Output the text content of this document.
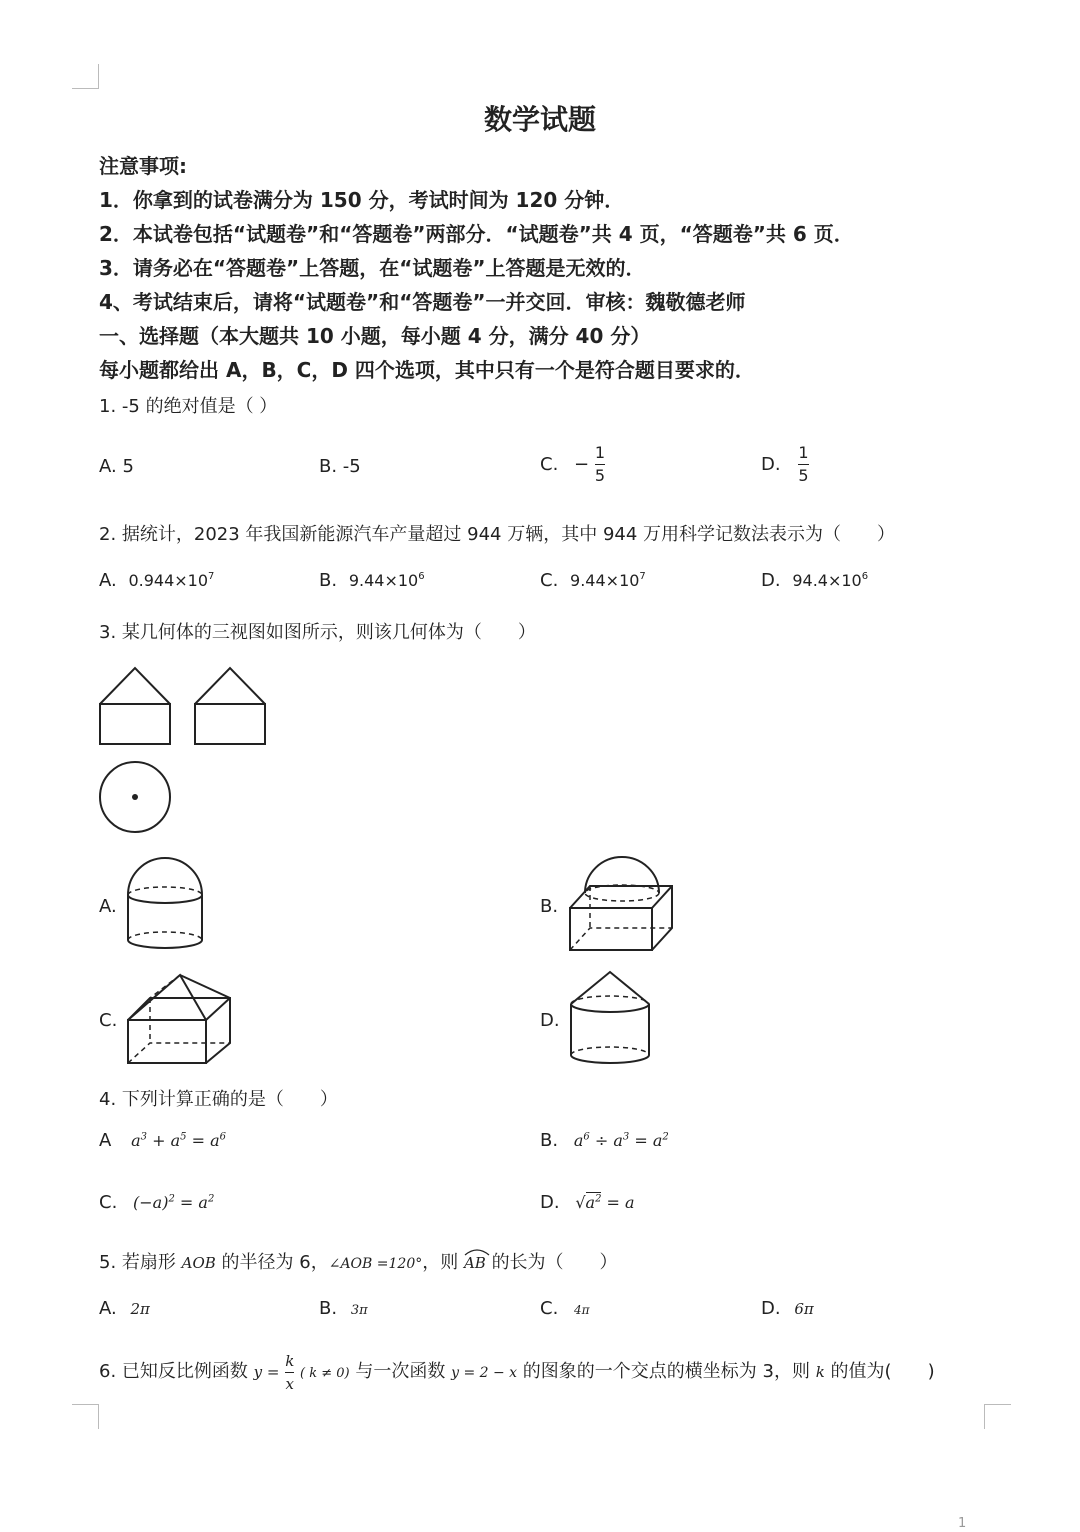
数学试题
注意事项:
1．你拿到的试卷满分为 150 分，考试时间为 120 分钟．
2．本试卷包括“试题卷”和“答题卷”两部分．“试题卷”共 4 页，“答题卷”共 6 页．
3．请务必在“答题卷”上答题，在“试题卷”上答题是无效的．
4、考试结束后，请将“试题卷”和“答题卷”一并交回．审核：魏敬德老师
一、选择题（本大题共 10 小题，每小题 4 分，满分 40 分）
每小题都给出 A，B，C，D 四个选项，其中只有一个是符合题目要求的．
1. -5 的绝对值是（ ）
A. 5	B. -5	C. − $\frac{1}{5}$	D. $\frac{1}{5}$
2. 据统计，2023 年我国新能源汽车产量超过 944 万辆，其中 944 万用科学记数法表示为（　　）
A. $0.944\times 10^7$	B. $9.44\times 10^6$	C. $9.44\times 10^7$	D. $94.4\times 10^6$
3. 某几何体的三视图如图所示，则该几何体为（　　）
A.	B.
C.	D.
4. 下列计算正确的是（　　）
A $a^3 + a^5 = a^6$	B. $a^6 \div a^3 = a^2$
C. $(-a)^2 = a^2$	D. $√a^2 = a$
5. 若扇形 AOB 的半径为 6，∠AOB =120°，则 AB 的长为（　　）
A. 2π	B. 3π	C. 4π	D. 6π
6. 已知反比例函数 $y = \frac{k}{x}$ ( k ≠ 0) 与一次函数 y = 2 − x 的图象的一个交点的横坐标为 3，则 k 的值为(　　)
1
